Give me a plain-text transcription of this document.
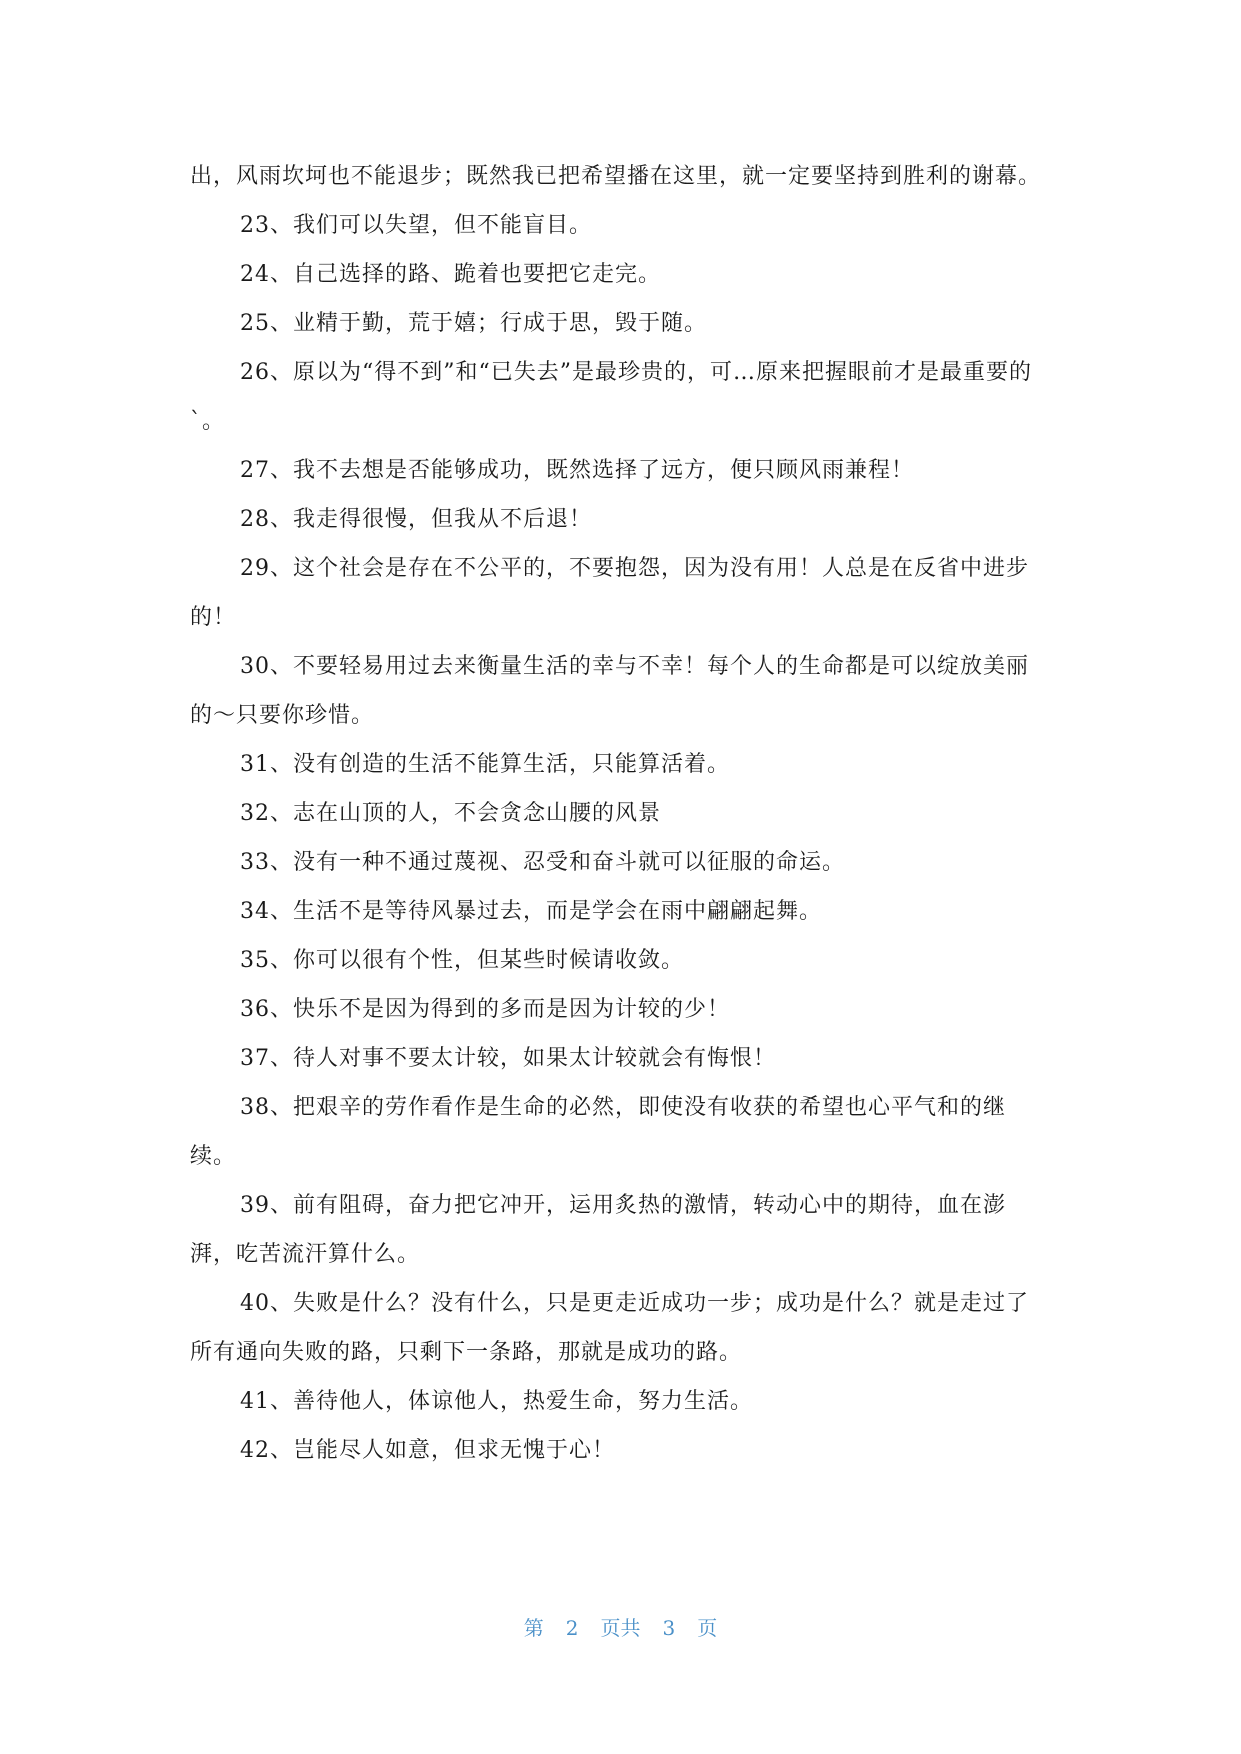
出，风雨坎坷也不能退步；既然我已把希望播在这里，就一定要坚持到胜利的谢幕。

23、我们可以失望，但不能盲目。

24、自己选择的路、跪着也要把它走完。

25、业精于勤，荒于嬉；行成于思，毁于随。

26、原以为“得不到”和“已失去”是最珍贵的，可…原来把握眼前才是最重要的`。

27、我不去想是否能够成功，既然选择了远方，便只顾风雨兼程！

28、我走得很慢，但我从不后退！

29、这个社会是存在不公平的，不要抱怨，因为没有用！人总是在反省中进步的！

30、不要轻易用过去来衡量生活的幸与不幸！每个人的生命都是可以绽放美丽的～只要你珍惜。

31、没有创造的生活不能算生活，只能算活着。

32、志在山顶的人，不会贪念山腰的风景

33、没有一种不通过蔑视、忍受和奋斗就可以征服的命运。

34、生活不是等待风暴过去，而是学会在雨中翩翩起舞。

35、你可以很有个性，但某些时候请收敛。

36、快乐不是因为得到的多而是因为计较的少！

37、待人对事不要太计较，如果太计较就会有悔恨！

38、把艰辛的劳作看作是生命的必然，即使没有收获的希望也心平气和的继续。

39、前有阻碍，奋力把它冲开，运用炙热的激情，转动心中的期待，血在澎湃，吃苦流汗算什么。

40、失败是什么？没有什么，只是更走近成功一步；成功是什么？就是走过了所有通向失败的路，只剩下一条路，那就是成功的路。

41、善待他人，体谅他人，热爱生命，努力生活。

42、岂能尽人如意，但求无愧于心！

第 2 页共 3 页
